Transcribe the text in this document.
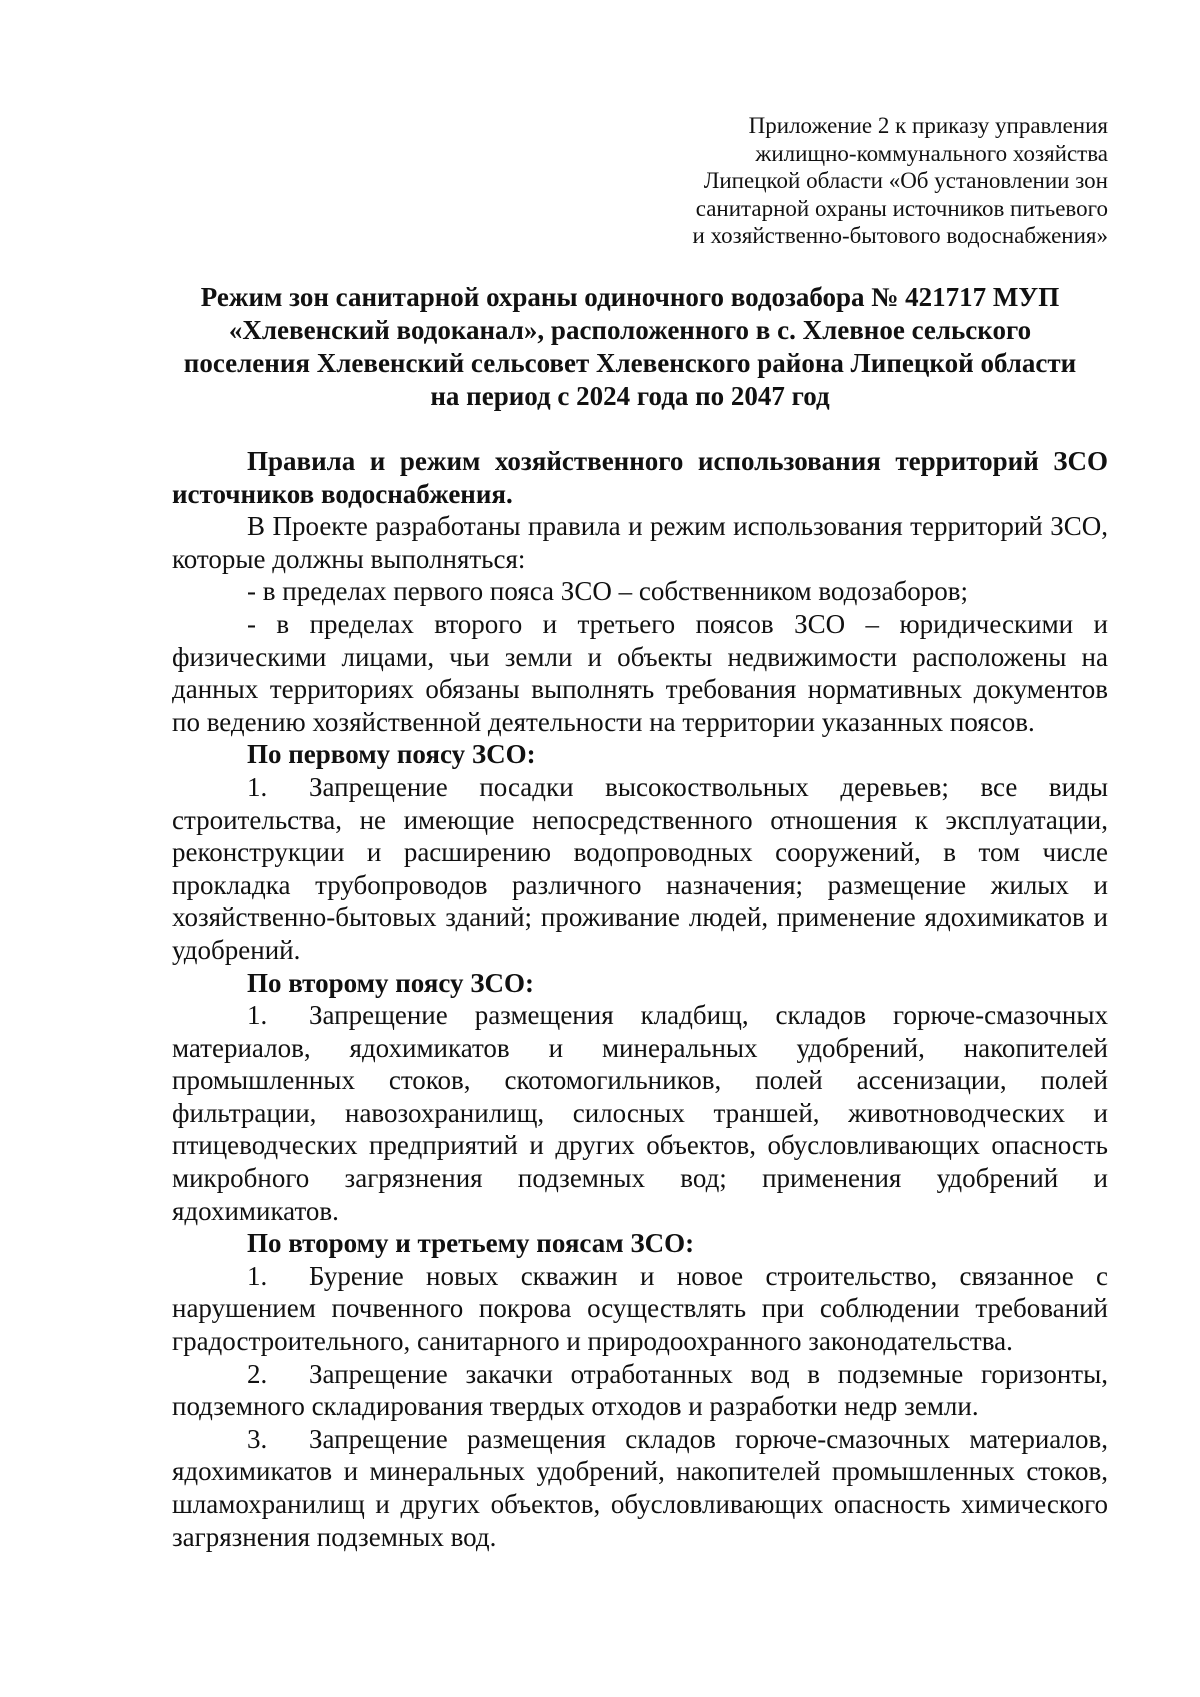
Приложение 2 к приказу управления
жилищно-коммунального хозяйства
Липецкой области «Об установлении зон
санитарной охраны источников питьевого
и хозяйственно-бытового водоснабжения»
Режим зон санитарной охраны одиночного водозабора № 421717 МУП
«Хлевенский водоканал», расположенного в с. Хлевное сельского
поселения Хлевенский сельсовет Хлевенского района Липецкой области
на период с 2024 года по 2047 год

Правила и режим хозяйственного использования территорий ЗСО источников водоснабжения.

В Проекте разработаны правила и режим использования территорий ЗСО, которые должны выполняться:

- в пределах первого пояса ЗСО – собственником водозаборов;

- в пределах второго и третьего поясов ЗСО – юридическими и физическими лицами, чьи земли и объекты недвижимости расположены на данных территориях обязаны выполнять требования нормативных документов по ведению хозяйственной деятельности на территории указанных поясов.

По первому поясу ЗСО:

1. Запрещение посадки высокоствольных деревьев; все виды строительства, не имеющие непосредственного отношения к эксплуатации, реконструкции и расширению водопроводных сооружений, в том числе прокладка трубопроводов различного назначения; размещение жилых и хозяйственно-бытовых зданий; проживание людей, применение ядохимикатов и удобрений.

По второму поясу ЗСО:

1. Запрещение размещения кладбищ, складов горюче-смазочных материалов, ядохимикатов и минеральных удобрений, накопителей промышленных стоков, скотомогильников, полей ассенизации, полей фильтрации, навозохранилищ, силосных траншей, животноводческих и птицеводческих предприятий и других объектов, обусловливающих опасность микробного загрязнения подземных вод; применения удобрений и ядохимикатов.

По второму и третьему поясам ЗСО:

1. Бурение новых скважин и новое строительство, связанное с нарушением почвенного покрова осуществлять при соблюдении требований градостроительного, санитарного и природоохранного законодательства.

2. Запрещение закачки отработанных вод в подземные горизонты, подземного складирования твердых отходов и разработки недр земли.

3. Запрещение размещения складов горюче-смазочных материалов, ядохимикатов и минеральных удобрений, накопителей промышленных стоков, шламохранилищ и других объектов, обусловливающих опасность химического загрязнения подземных вод.
